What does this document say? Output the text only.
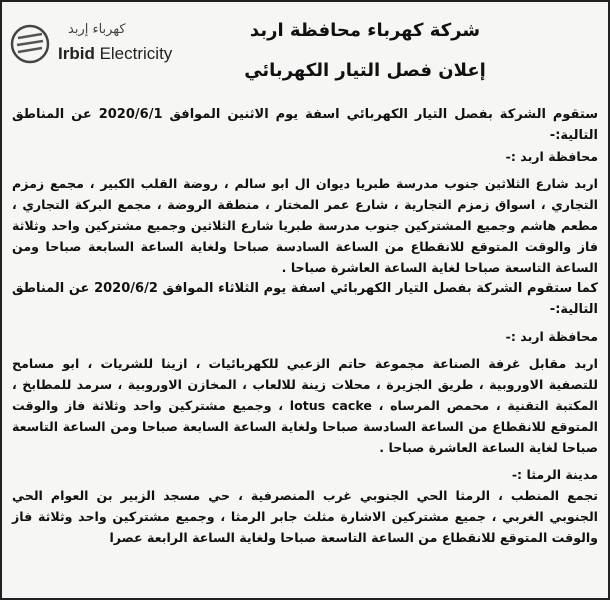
كهرباء إربد
Irbid Electricity
شركة كهرباء محافظة اربد
إعلان فصل التيار الكهربائي

ستقوم الشركة بفصل التيار الكهربائي اسفة يوم الاثنين الموافق 2020/6/1 عن المناطق التالية:-

محافظة اربد :-

اربد شارع الثلاثين جنوب مدرسة طبريا ديوان ال ابو سالم ، روضة القلب الكبير ، مجمع زمزم التجاري ، اسواق زمزم التجارية ، شارع عمر المختار ، منطقة الروضة ، مجمع البركة التجاري ، مطعم هاشم وجميع المشتركين جنوب مدرسة طبريا شارع الثلاثين وجميع مشتركين واحد وثلاثة فاز والوقت المتوقع للانقطاع من الساعة السادسة صباحا ولغاية الساعة السابعة صباحا ومن الساعة التاسعة صباحا لغاية الساعة العاشرة صباحا .

كما ستقوم الشركة بفصل التيار الكهربائي اسفة يوم الثلاثاء الموافق 2020/6/2 عن المناطق التالية:-

محافظة اربد :-

اربد مقابل غرفة الصناعة مجموعة حاتم الزعبي للكهربائيات ، ازينا للشريات ، ابو مسامح للتصفية الاوروبية ، طريق الجزيرة ، محلات زينة للالعاب ، المخازن الاوروبية ، سرمد للمطابخ ، المكتبة التقنية ، محمص المرساه ، lotus cacke ، وجميع مشتركين واحد وثلاثة فاز والوقت المتوقع للانقطاع من الساعة السادسة صباحا ولغاية الساعة السابعة صباحا ومن الساعة التاسعة صباحا لغاية الساعة العاشرة صباحا .

مدينة الرمثا :-

تجمع المنطب ، الرمثا الحي الجنوبي غرب المنصرفية ، حي مسجد الزبير بن العوام الحي الجنوبي الغربي ، جميع مشتركين الاشارة مثلث جابر الرمثا ، وجميع مشتركين واحد وثلاثة فاز والوقت المتوقع للانقطاع من الساعة التاسعة صباحا ولغاية الساعة الرابعة عصرا
